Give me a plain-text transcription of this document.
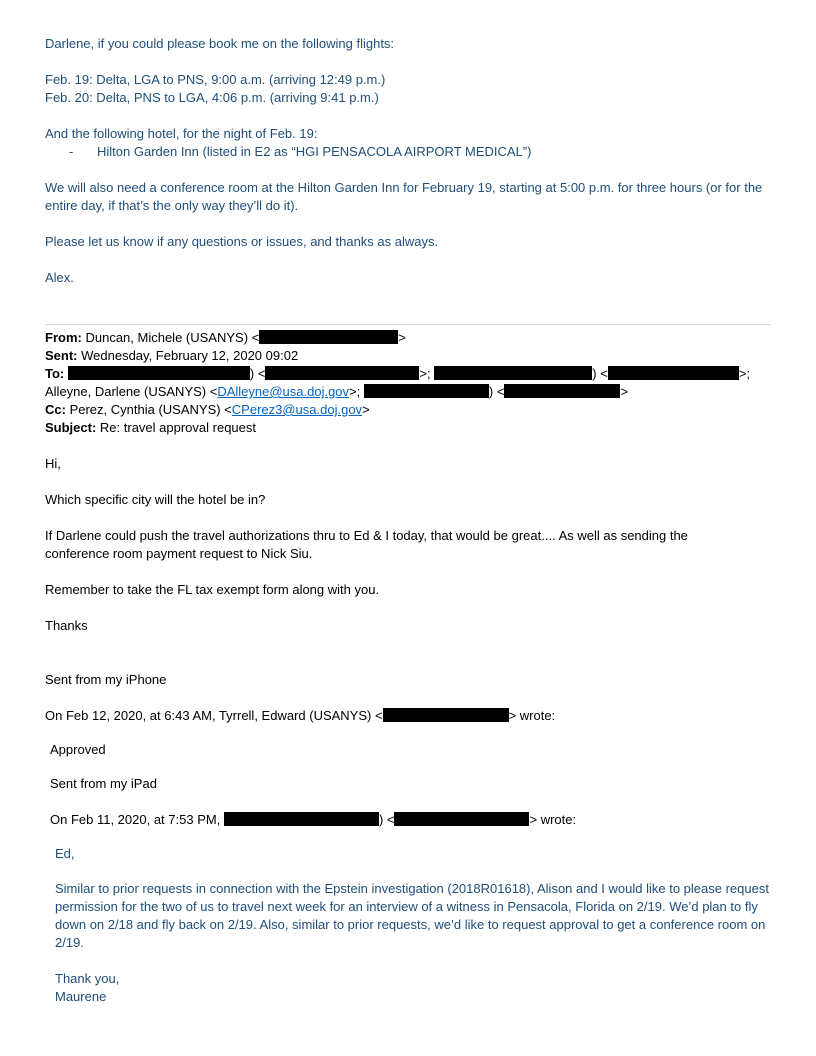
Darlene, if you could please book me on the following flights:
Feb. 19: Delta, LGA to PNS, 9:00 a.m. (arriving 12:49 p.m.)
Feb. 20: Delta, PNS to LGA, 4:06 p.m. (arriving 9:41 p.m.)
And the following hotel, for the night of Feb. 19:
- Hilton Garden Inn (listed in E2 as “HGI PENSACOLA AIRPORT MEDICAL”)
We will also need a conference room at the Hilton Garden Inn for February 19, starting at 5:00 p.m. for three hours (or for the entire day, if that’s the only way they’ll do it).
Please let us know if any questions or issues, and thanks as always.
Alex.
From: Duncan, Michele (USANYS) <	>
Sent: Wednesday, February 12, 2020 09:02
To:	) <	>;	) <	>;
Alleyne, Darlene (USANYS) <DAlleyne@usa.doj.gov>;	) <	>
Cc: Perez, Cynthia (USANYS) <CPerez3@usa.doj.gov>
Subject: Re: travel approval request
Hi,
Which specific city will the hotel be in?
If Darlene could push the travel authorizations thru to Ed & I today, that would be great.... As well as sending the conference room payment request to Nick Siu.
Remember to take the FL tax exempt form along with you.
Thanks
Sent from my iPhone
On Feb 12, 2020, at 6:43 AM, Tyrrell, Edward (USANYS) <	> wrote:
Approved
Sent from my iPad
On Feb 11, 2020, at 7:53 PM,	) <	> wrote:
Ed,
Similar to prior requests in connection with the Epstein investigation (2018R01618), Alison and I would like to please request permission for the two of us to travel next week for an interview of a witness in Pensacola, Florida on 2/19. We’d plan to fly down on 2/18 and fly back on 2/19. Also, similar to prior requests, we’d like to request approval to get a conference room on 2/19.
Thank you,
Maurene
